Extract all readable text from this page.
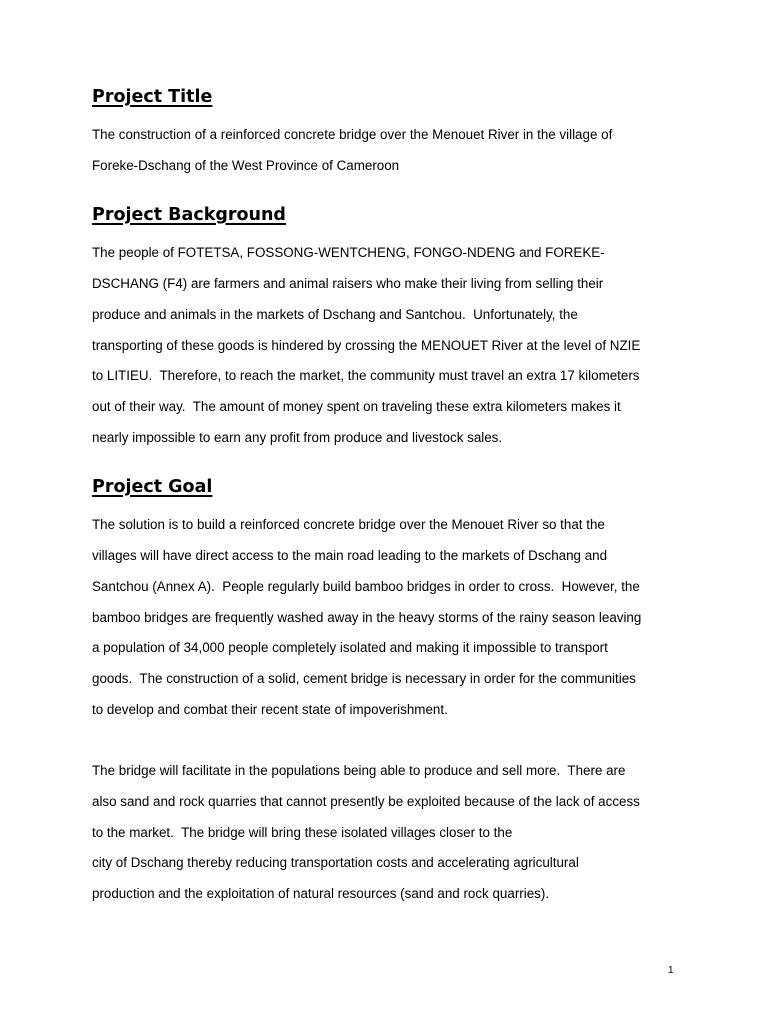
Project Title

The construction of a reinforced concrete bridge over the Menouet River in the village of

Foreke-Dschang of the West Province of Cameroon

Project Background

The people of FOTETSA, FOSSONG-WENTCHENG, FONGO-NDENG and FOREKE-

DSCHANG (F4) are farmers and animal raisers who make their living from selling their

produce and animals in the markets of Dschang and Santchou.  Unfortunately, the

transporting of these goods is hindered by crossing the MENOUET River at the level of NZIE

to LITIEU.  Therefore, to reach the market, the community must travel an extra 17 kilometers

out of their way.  The amount of money spent on traveling these extra kilometers makes it

nearly impossible to earn any profit from produce and livestock sales.

Project Goal

The solution is to build a reinforced concrete bridge over the Menouet River so that the

villages will have direct access to the main road leading to the markets of Dschang and

Santchou (Annex A).  People regularly build bamboo bridges in order to cross.  However, the

bamboo bridges are frequently washed away in the heavy storms of the rainy season leaving

a population of 34,000 people completely isolated and making it impossible to transport

goods.  The construction of a solid, cement bridge is necessary in order for the communities

to develop and combat their recent state of impoverishment.

The bridge will facilitate in the populations being able to produce and sell more.  There are

also sand and rock quarries that cannot presently be exploited because of the lack of access

to the market.  The bridge will bring these isolated villages closer to the

city of Dschang thereby reducing transportation costs and accelerating agricultural

production and the exploitation of natural resources (sand and rock quarries).

1
